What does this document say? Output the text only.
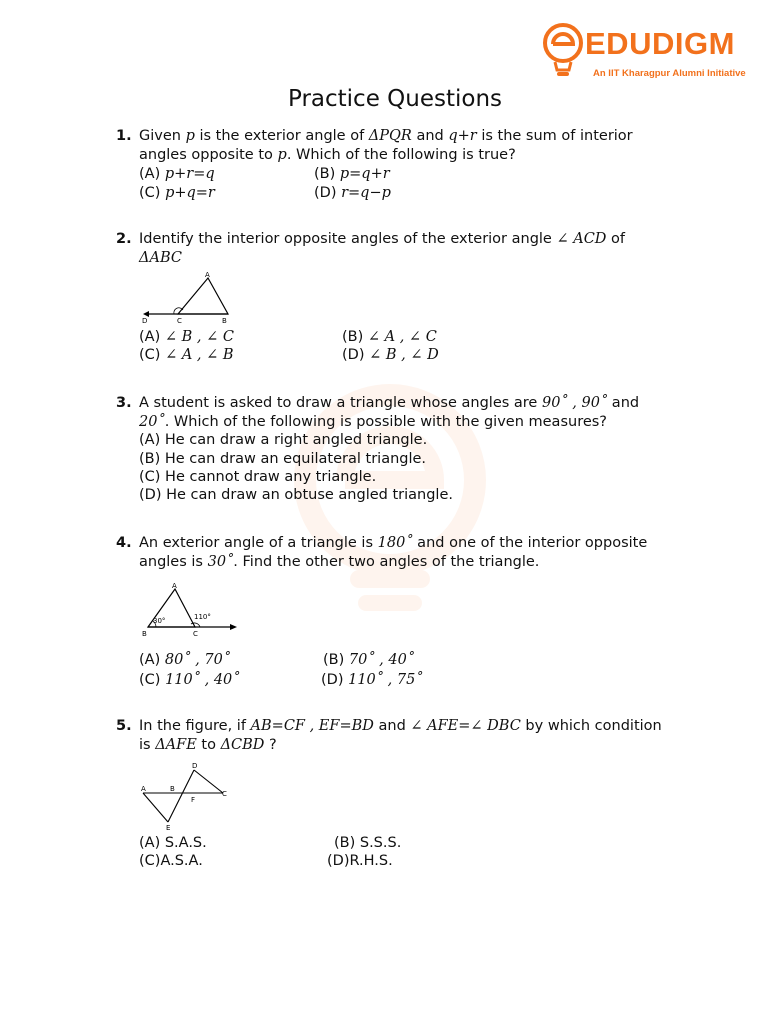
EDUDIGM
An IIT Kharagpur Alumni Initiative
Practice Questions
1. Given p is the exterior angle of ΔPQR and q+r is the sum of interior
angles opposite to p. Which of the following is true?
(A) p+r=q	(B) p=q+r
(C) p+q=r	(D) r=q−p
2. Identify the interior opposite angles of the exterior angle ∠ ACD of
ΔABC
A
D	C	B
(A) ∠ B , ∠ C	(B) ∠ A , ∠ C
(C) ∠ A , ∠ B	(D) ∠ B , ∠ D
3. A student is asked to draw a triangle whose angles are 90˚ , 90˚ and
20˚. Which of the following is possible with the given measures?
(A) He can draw a right angled triangle.
(B) He can draw an equilateral triangle.
(C) He cannot draw any triangle.
(D) He can draw an obtuse angled triangle.
4. An exterior angle of a triangle is 180˚ and one of the interior opposite
angles is 30˚. Find the other two angles of the triangle.
A
30°	110°
B	C
(A) 80˚ , 70˚	(B) 70˚ , 40˚
(C) 110˚ , 40˚	(D) 110˚ , 75˚
5. In the figure, if AB=CF , EF=BD and ∠ AFE=∠ DBC by which condition
is ΔAFE to ΔCBD ?
D
A	B
C
F
E
(A) S.A.S.	(B) S.S.S.
(C)A.S.A.	(D)R.H.S.
